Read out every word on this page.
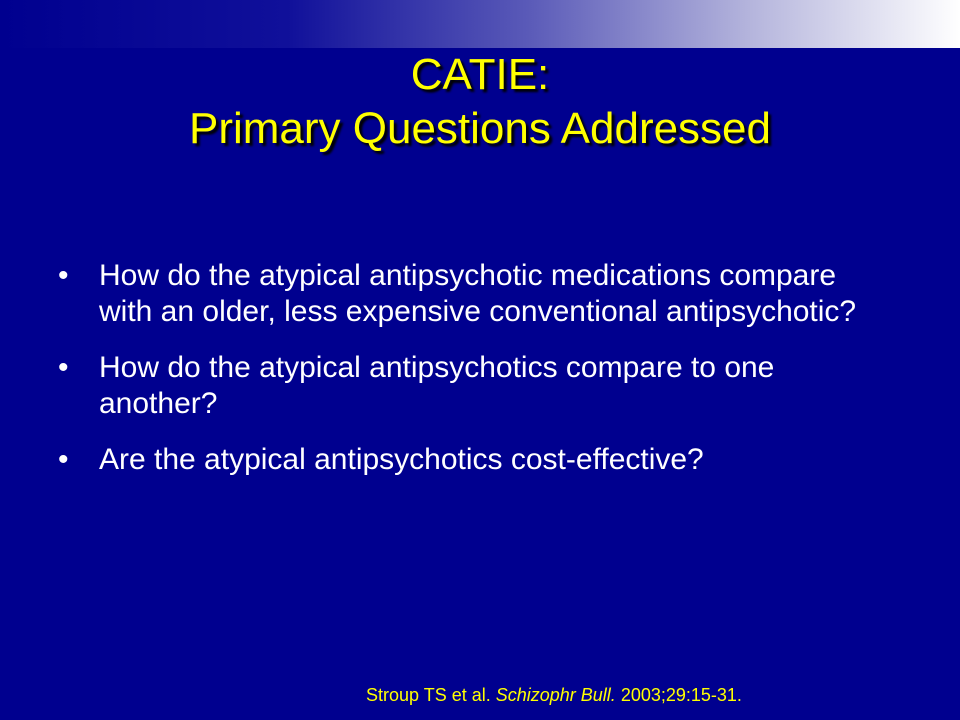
CATIE:
Primary Questions Addressed
• How do the atypical antipsychotic medications compare with an older, less expensive conventional antipsychotic?
• How do the atypical antipsychotics compare to one another?
• Are the atypical antipsychotics cost-effective?
Stroup TS et al. Schizophr Bull. 2003;29:15-31.
